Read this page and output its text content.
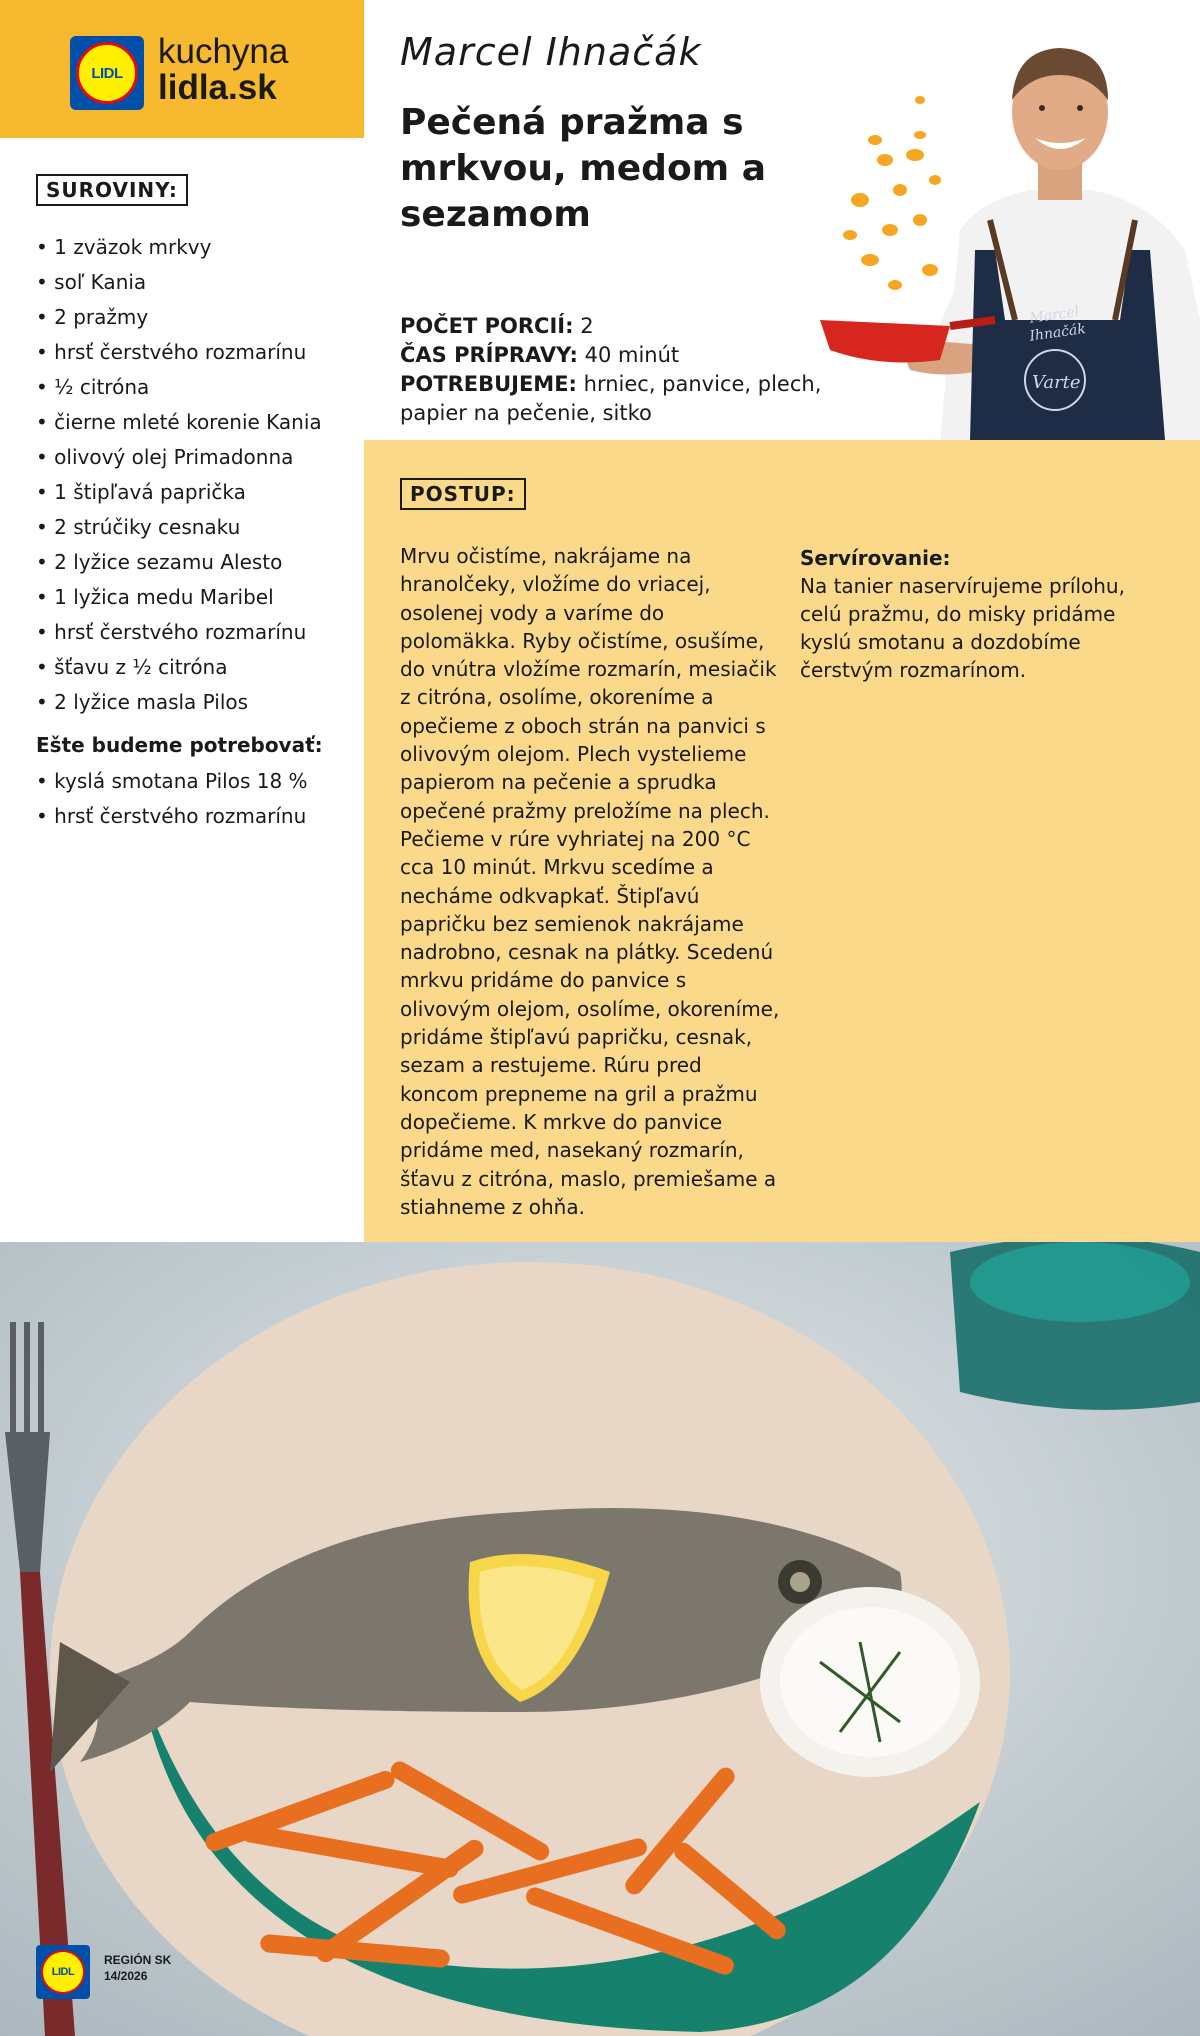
LIDL
kuchyna
lidla.sk
SUROVINY:
• 1 zväzok mrkvy
• soľ Kania
• 2 pražmy
• hrsť čerstvého rozmarínu
• ½ citróna
• čierne mleté korenie Kania
• olivový olej Primadonna
• 1 štipľavá paprička
• 2 strúčiky cesnaku
• 2 lyžice sezamu Alesto
• 1 lyžica medu Maribel
• hrsť čerstvého rozmarínu
• šťavu z ½ citróna
• 2 lyžice masla Pilos
Ešte budeme potrebovať:
• kyslá smotana Pilos 18 %
• hrsť čerstvého rozmarínu
Marcel
Ihnačák
Varte
Marcel Ihnačák
Pečená pražma s mrkvou, medom a sezamom
POČET PORCIÍ: 2
ČAS PRÍPRAVY: 40 minút
POTREBUJEME: hrniec, panvice, plech, papier na pečenie, sitko
POSTUP:

Mrvu očistíme, nakrájame na hranolčeky, vložíme do vriacej, osolenej vody a varíme do polomäkka. Ryby očistíme, osušíme, do vnútra vložíme rozmarín, mesiačik z citróna, osolíme, okoreníme a opečieme z oboch strán na panvici s olivovým olejom. Plech vystelieme papierom na pečenie a sprudka opečené pražmy preložíme na plech. Pečieme v rúre vyhriatej na 200 °C cca 10 minút. Mrkvu scedíme a necháme odkvapkať. Štipľavú papričku bez semienok nakrájame nadrobno, cesnak na plátky. Scedenú mrkvu pridáme do panvice s olivovým olejom, osolíme, okoreníme, pridáme štipľavú papričku, cesnak, sezam a restujeme. Rúru pred koncom prepneme na gril a pražmu dopečieme. K mrkve do panvice pridáme med, nasekaný rozmarín, šťavu z citróna, maslo, premiešame a stiahneme z ohňa.

Servírovanie:

Na tanier naservírujeme prílohu, celú pražmu, do misky pridáme kyslú smotanu a dozdobíme čerstvým rozmarínom.

LIDL
REGIÓN SK
14/2026
